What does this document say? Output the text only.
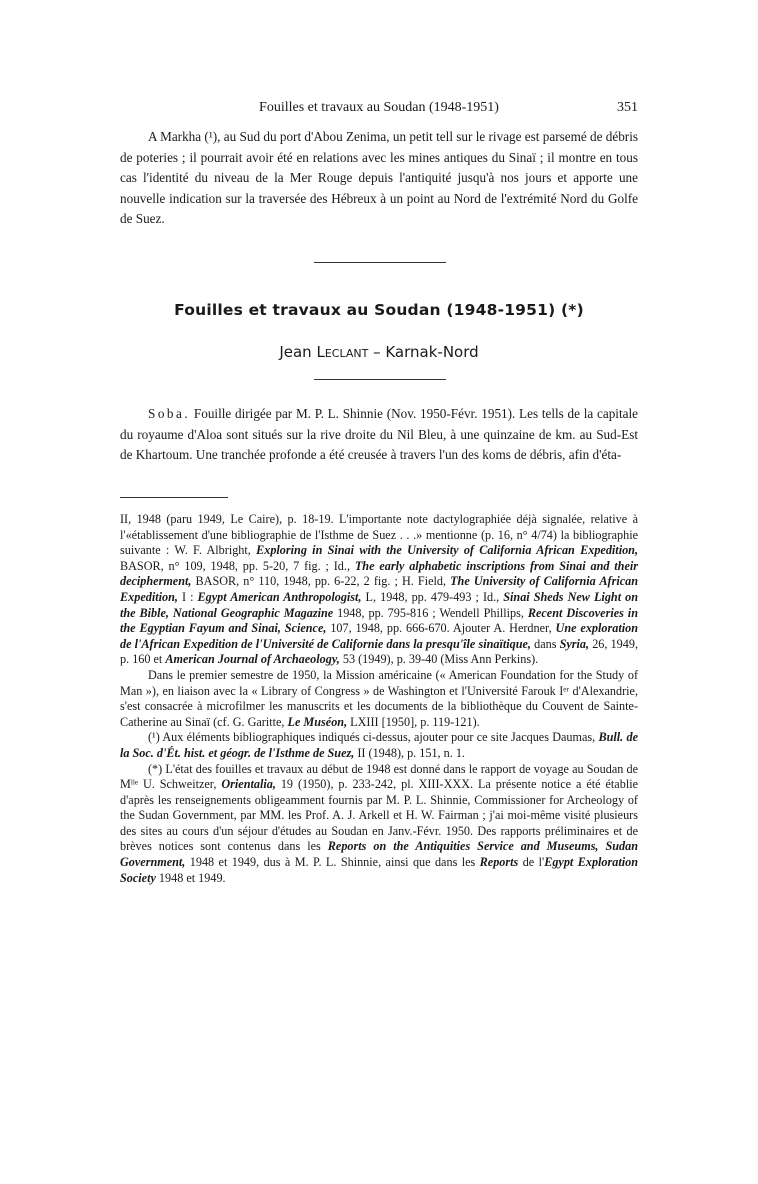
Fouilles et travaux au Soudan (1948-1951)	351
A Markha (¹), au Sud du port d'Abou Zenima, un petit tell sur le rivage est parsemé de débris de poteries ; il pourrait avoir été en relations avec les mines antiques du Sinaï ; il montre en tous cas l'identité du niveau de la Mer Rouge depuis l'antiquité jusqu'à nos jours et apporte une nouvelle indication sur la traversée des Hébreux à un point au Nord de l'extrémité Nord du Golfe de Suez.
Fouilles et travaux au Soudan (1948-1951) (*)
Jean Leclant – Karnak-Nord
Soba. Fouille dirigée par M. P. L. Shinnie (Nov. 1950-Févr. 1951). Les tells de la capitale du royaume d'Aloa sont situés sur la rive droite du Nil Bleu, à une quinzaine de km. au Sud-Est de Khartoum. Une tranchée profonde a été creusée à travers l'un des koms de débris, afin d'éta-

II, 1948 (paru 1949, Le Caire), p. 18-19. L'importante note dactylographiée déjà signalée, relative à l'«établissement d'une bibliographie de l'Isthme de Suez . . .» mentionne (p. 16, n° 4/74) la bibliographie suivante : W. F. Albright, Exploring in Sinai with the University of California African Expedition, BASOR, n° 109, 1948, pp. 5-20, 7 fig. ; Id., The early alphabetic inscriptions from Sinai and their decipherment, BASOR, n° 110, 1948, pp. 6-22, 2 fig. ; H. Field, The University of California African Expedition, I : Egypt American Anthropologist, L, 1948, pp. 479-493 ; Id., Sinai Sheds New Light on the Bible, National Geographic Magazine 1948, pp. 795-816 ; Wendell Phillips, Recent Discoveries in the Egyptian Fayum and Sinai, Science, 107, 1948, pp. 666-670. Ajouter A. Herdner, Une exploration de l'African Expedition de l'Université de Californie dans la presqu'île sinaïtique, dans Syria, 26, 1949, p. 160 et American Journal of Archaeology, 53 (1949), p. 39-40 (Miss Ann Perkins).

Dans le premier semestre de 1950, la Mission américaine (« American Foundation for the Study of Man »), en liaison avec la « Library of Congress » de Washington et l'Université Farouk Iᵉʳ d'Alexandrie, s'est consacrée à microfilmer les manuscrits et les documents de la bibliothèque du Couvent de Sainte-Catherine au Sinaï (cf. G. Garitte, Le Muséon, LXIII [1950], p. 119-121).

(¹) Aux éléments bibliographiques indiqués ci-dessus, ajouter pour ce site Jacques Daumas, Bull. de la Soc. d'Ét. hist. et géogr. de l'Isthme de Suez, II (1948), p. 151, n. 1.

(*) L'état des fouilles et travaux au début de 1948 est donné dans le rapport de voyage au Soudan de Mˡˡᵉ U. Schweitzer, Orientalia, 19 (1950), p. 233-242, pl. XIII-XXX. La présente notice a été établie d'après les renseignements obligeamment fournis par M. P. L. Shinnie, Commissioner for Archeology of the Sudan Government, par MM. les Prof. A. J. Arkell et H. W. Fairman ; j'ai moi-même visité plusieurs des sites au cours d'un séjour d'études au Soudan en Janv.-Févr. 1950. Des rapports préliminaires et de brèves notices sont contenus dans les Reports on the Antiquities Service and Museums, Sudan Government, 1948 et 1949, dus à M. P. L. Shinnie, ainsi que dans les Reports de l'Egypt Exploration Society 1948 et 1949.
